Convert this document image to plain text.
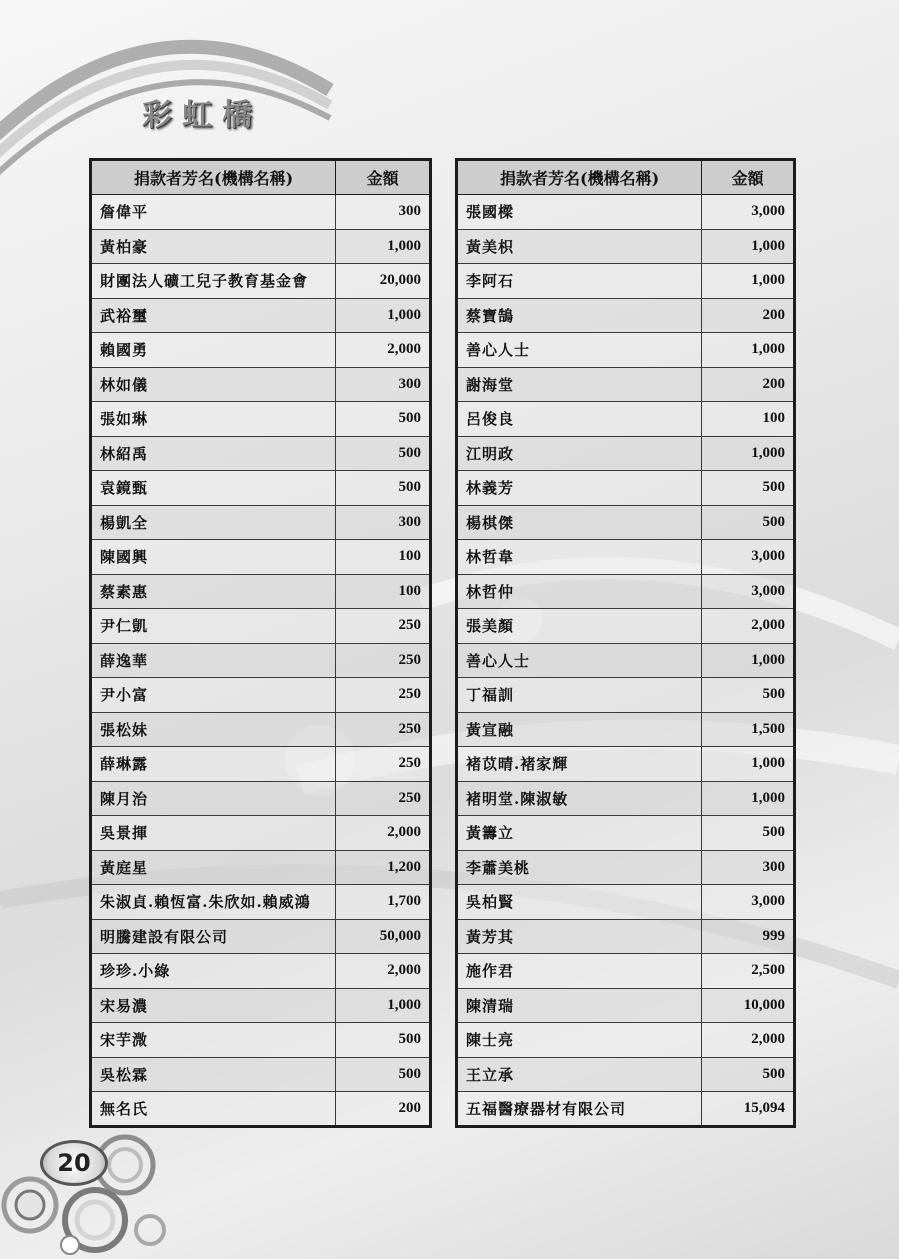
彩虹橋
捐款者芳名(機構名稱)	金額
詹偉平	300
黃柏豪	1,000
財團法人礦工兒子教育基金會	20,000
武裕璽	1,000
賴國勇	2,000
林如儀	300
張如琳	500
林紹禹	500
袁鏡甄	500
楊凱全	300
陳國興	100
蔡素惠	100
尹仁凱	250
薛逸華	250
尹小富	250
張松妹	250
薛琳露	250
陳月治	250
吳景揮	2,000
黃庭星	1,200
朱淑貞.賴恆富.朱欣如.賴威鴻	1,700
明騰建設有限公司	50,000
珍珍.小綠	2,000
宋易濃	1,000
宋芋溦	500
吳松霖	500
無名氏	200
捐款者芳名(機構名稱)	金額
張國樑	3,000
黃美枳	1,000
李阿石	1,000
蔡寶鵠	200
善心人士	1,000
謝海堂	200
呂俊良	100
江明政	1,000
林義芳	500
楊棋傑	500
林哲韋	3,000
林哲仲	3,000
張美顏	2,000
善心人士	1,000
丁福訓	500
黃宣融	1,500
褚苡晴.褚家輝	1,000
褚明堂.陳淑敏	1,000
黃籌立	500
李蕭美桃	300
吳柏賢	3,000
黃芳其	999
施作君	2,500
陳清瑞	10,000
陳士亮	2,000
王立承	500
五福醫療器材有限公司	15,094
20
